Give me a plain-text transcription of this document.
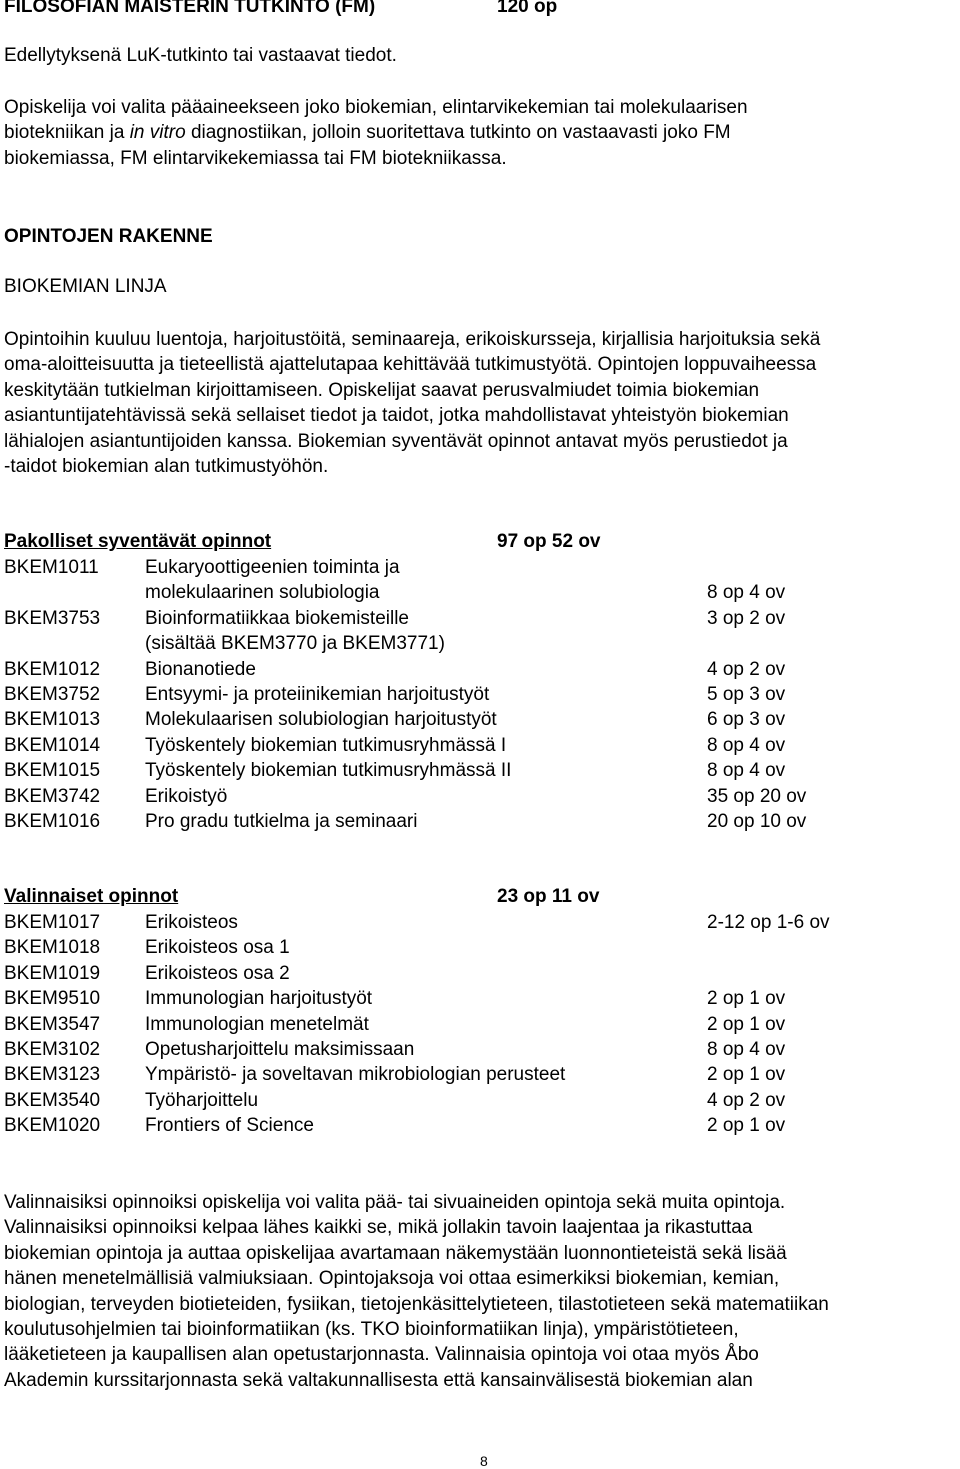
FILOSOFIAN MAISTERIN TUTKINTO (FM)	120 op
Edellytyksenä LuK-tutkinto tai vastaavat tiedot.
Opiskelija voi valita pääaineekseen joko biokemian, elintarvikekemian tai molekulaarisen
biotekniikan ja in vitro diagnostiikan, jolloin suoritettava tutkinto on vastaavasti joko FM
biokemiassa, FM elintarvikekemiassa tai FM biotekniikassa.
OPINTOJEN RAKENNE
BIOKEMIAN LINJA
Opintoihin kuuluu luentoja, harjoitustöitä, seminaareja, erikoiskursseja, kirjallisia harjoituksia sekä
oma-aloitteisuutta ja tieteellistä ajattelutapaa kehittävää tutkimustyötä. Opintojen loppuvaiheessa
keskitytään tutkielman kirjoittamiseen. Opiskelijat saavat perusvalmiudet toimia biokemian
asiantuntijatehtävissä sekä sellaiset tiedot ja taidot, jotka mahdollistavat yhteistyön biokemian
lähialojen asiantuntijoiden kanssa. Biokemian syventävät opinnot antavat myös perustiedot ja
-taidot biokemian alan tutkimustyöhön.
Pakolliset syventävät opinnot	97 op 52 ov
BKEM1011 Eukaryoottigeenien toiminta ja
molekulaarinen solubiologia	8 op 4 ov
BKEM3753 Bioinformatiikkaa biokemisteille	3 op 2 ov
(sisältää BKEM3770 ja BKEM3771)
BKEM1012 Bionanotiede	4 op 2 ov
BKEM3752 Entsyymi- ja proteiinikemian harjoitustyöt	5 op 3 ov
BKEM1013 Molekulaarisen solubiologian harjoitustyöt	6 op 3 ov
BKEM1014 Työskentely biokemian tutkimusryhmässä I	8 op 4 ov
BKEM1015 Työskentely biokemian tutkimusryhmässä II	8 op 4 ov
BKEM3742 Erikoistyö	35 op 20 ov
BKEM1016 Pro gradu tutkielma ja seminaari	20 op 10 ov
Valinnaiset opinnot	23 op 11 ov
BKEM1017 Erikoisteos	2-12 op 1-6 ov
BKEM1018 Erikoisteos osa 1
BKEM1019 Erikoisteos osa 2
BKEM9510 Immunologian harjoitustyöt	2 op 1 ov
BKEM3547 Immunologian menetelmät	2 op 1 ov
BKEM3102 Opetusharjoittelu maksimissaan	8 op 4 ov
BKEM3123 Ympäristö- ja soveltavan mikrobiologian perusteet	2 op 1 ov
BKEM3540 Työharjoittelu	4 op 2 ov
BKEM1020 Frontiers of Science	2 op 1 ov
Valinnaisiksi opinnoiksi opiskelija voi valita pää- tai sivuaineiden opintoja sekä muita opintoja.
Valinnaisiksi opinnoiksi kelpaa lähes kaikki se, mikä jollakin tavoin laajentaa ja rikastuttaa
biokemian opintoja ja auttaa opiskelijaa avartamaan näkemystään luonnontieteistä sekä lisää
hänen menetelmällisiä valmiuksiaan. Opintojaksoja voi ottaa esimerkiksi biokemian, kemian,
biologian, terveyden biotieteiden, fysiikan, tietojenkäsittelytieteen, tilastotieteen sekä matematiikan
koulutusohjelmien tai bioinformatiikan (ks. TKO bioinformatiikan linja), ympäristötieteen,
lääketieteen ja kaupallisen alan opetustarjonnasta. Valinnaisia opintoja voi otaa myös Åbo
Akademin kurssitarjonnasta sekä valtakunnallisesta että kansainvälisestä biokemian alan
8
